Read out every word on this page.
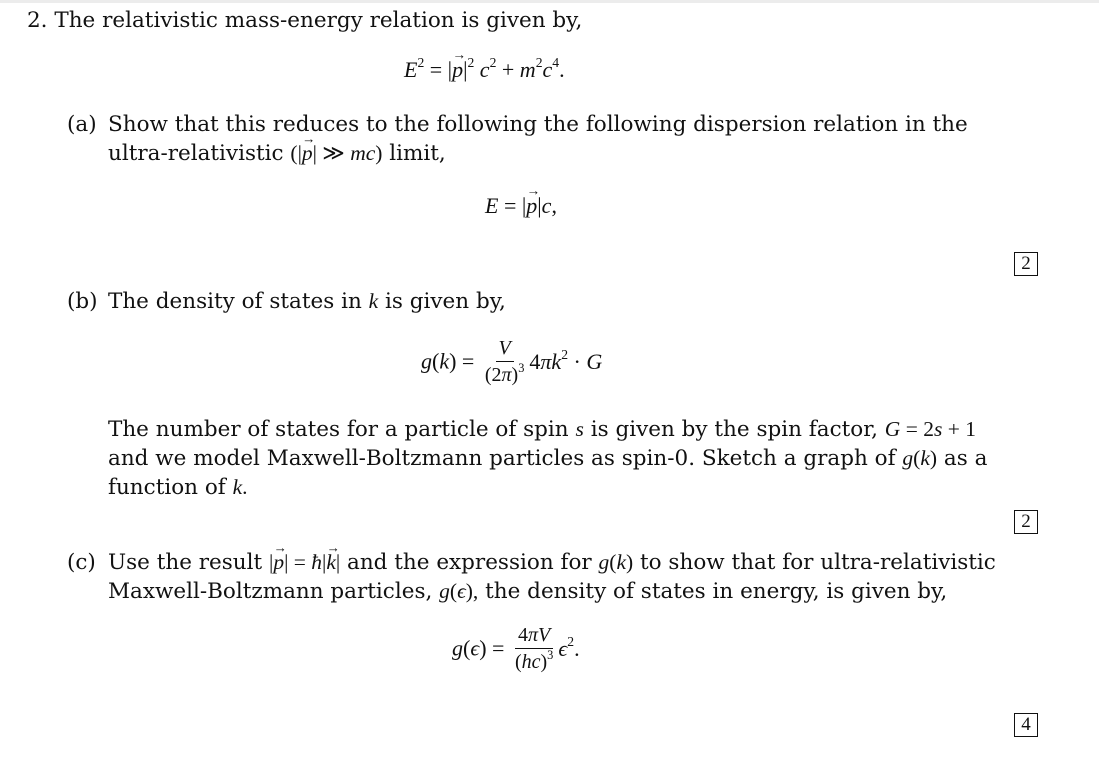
2. The relativistic mass-energy relation is given by,
$E^2$ = |→ $p|^2$ $c^2 + m^2c^4$.
(a) Show that this reduces to the following the following dispersion relation in the
ultra-relativistic (|→ p| ≫ mc) limit,
E = |→ p|c,
2
(b) The density of states in k is given by,
$g(k) = \frac{V}{(2\pi)^3} 4\pi k^2 \cdot G$
The number of states for a particle of spin s is given by the spin factor, G = 2s + 1
and we model Maxwell-Boltzmann particles as spin-0. Sketch a graph of g(k) as a
function of k.
2
(c) Use the result |→ p| = ħ|→ k| and the expression for g(k) to show that for ultra-relativistic
Maxwell-Boltzmann particles, g(ϵ), the density of states in energy, is given by,
$g(\epsilon) = \frac{4\pi V}{(hc)^3} \epsilon^2$.
4
